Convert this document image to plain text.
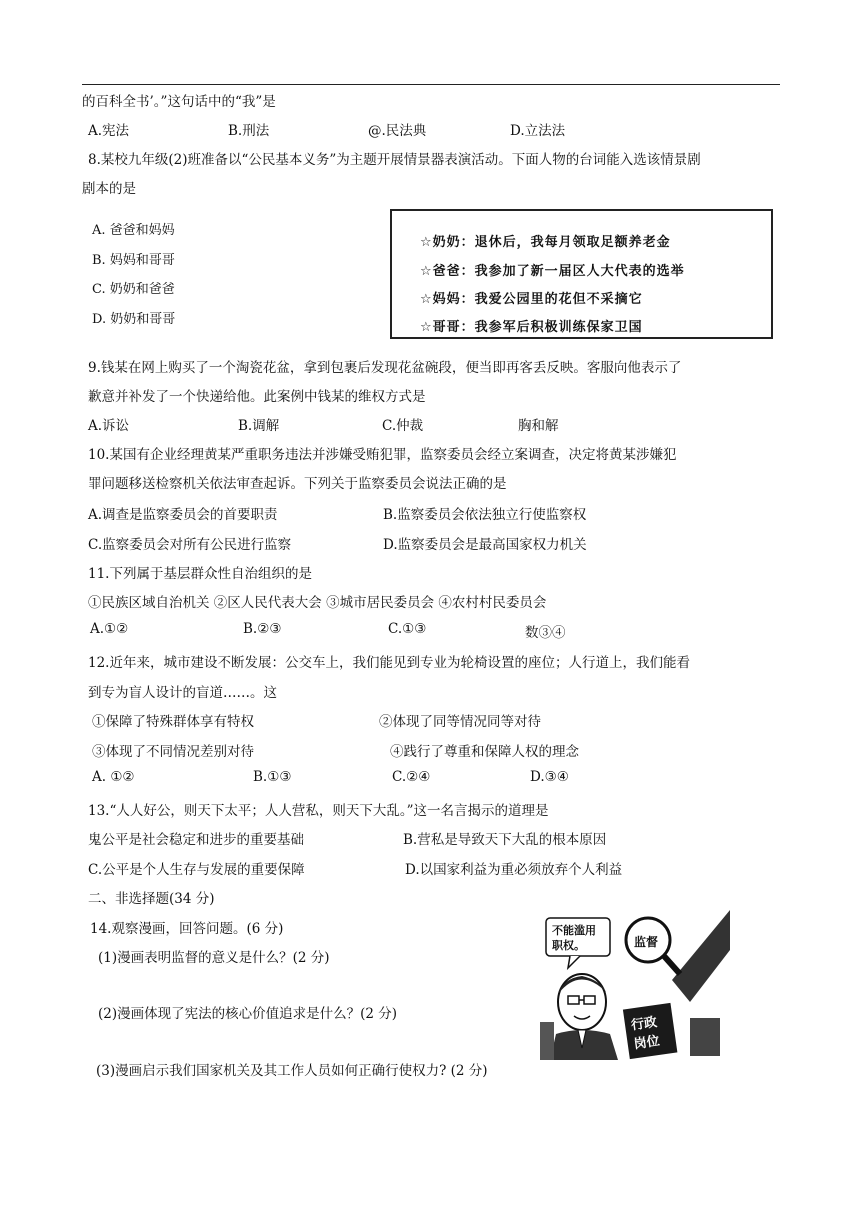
的百科全书’。”这句话中的“我”是
A.宪法	B.刑法	@.民法典	D.立法法
8.某校九年级(2)班准备以“公民基本义务”为主题开展情景器表演活动。下面人物的台词能入选该情景剧
剧本的是
A. 爸爸和妈妈
B. 妈妈和哥哥
C. 奶奶和爸爸
D. 奶奶和哥哥
☆奶奶：退休后，我每月领取足额养老金
☆爸爸：我参加了新一届区人大代表的选举
☆妈妈：我爱公园里的花但不采摘它
☆哥哥：我参军后积极训练保家卫国
9.钱某在网上购买了一个淘瓷花盆，拿到包裹后发现花盆碗段，便当即再客丢反映。客服向他表示了
歉意并补发了一个快递给他。此案例中钱某的维权方式是
A.诉讼	B.调解	C.仲裁	胸和解
10.某国有企业经理黄某严重职务违法并涉嫌受贿犯罪，监察委员会经立案调查，决定将黄某涉嫌犯
罪问题移送检察机关依法审查起诉。下列关于监察委员会说法正确的是
A.调查是监察委员会的首要职责	B.监察委员会依法独立行使监察权
C.监察委员会对所有公民进行监察	D.监察委员会是最高国家权力机关
11.下列属于基层群众性自治组织的是
①民族区域自治机关 ②区人民代表大会 ③城市居民委员会 ④农村村民委员会
A.①②	B.②③	C.①③	数③④
12.近年来，城市建设不断发展：公交车上，我们能见到专业为轮椅设置的座位；人行道上，我们能看
到专为盲人设计的盲道……。这
①保障了特殊群体享有特权	②体现了同等情况同等对待
③体现了不同情况差别对待	④践行了尊重和保障人权的理念
A. ①②	B.①③	C.②④	D.③④
13.“人人好公，则天下太平；人人营私，则天下大乱。”这一名言揭示的道理是
鬼公平是社会稳定和进步的重要基础	B.营私是导致天下大乱的根本原因
C.公平是个人生存与发展的重要保障	D.以国家利益为重必须放弃个人利益
二、非选择题(34 分)
14.观察漫画，回答问题。(6 分)
(1)漫画表明监督的意义是什么？(2 分)
(2)漫画体现了宪法的核心价值追求是什么？(2 分)
(3)漫画启示我们国家机关及其工作人员如何正确行使权力? (2 分)
不能滥用
职权。	监督
行政
岗位
